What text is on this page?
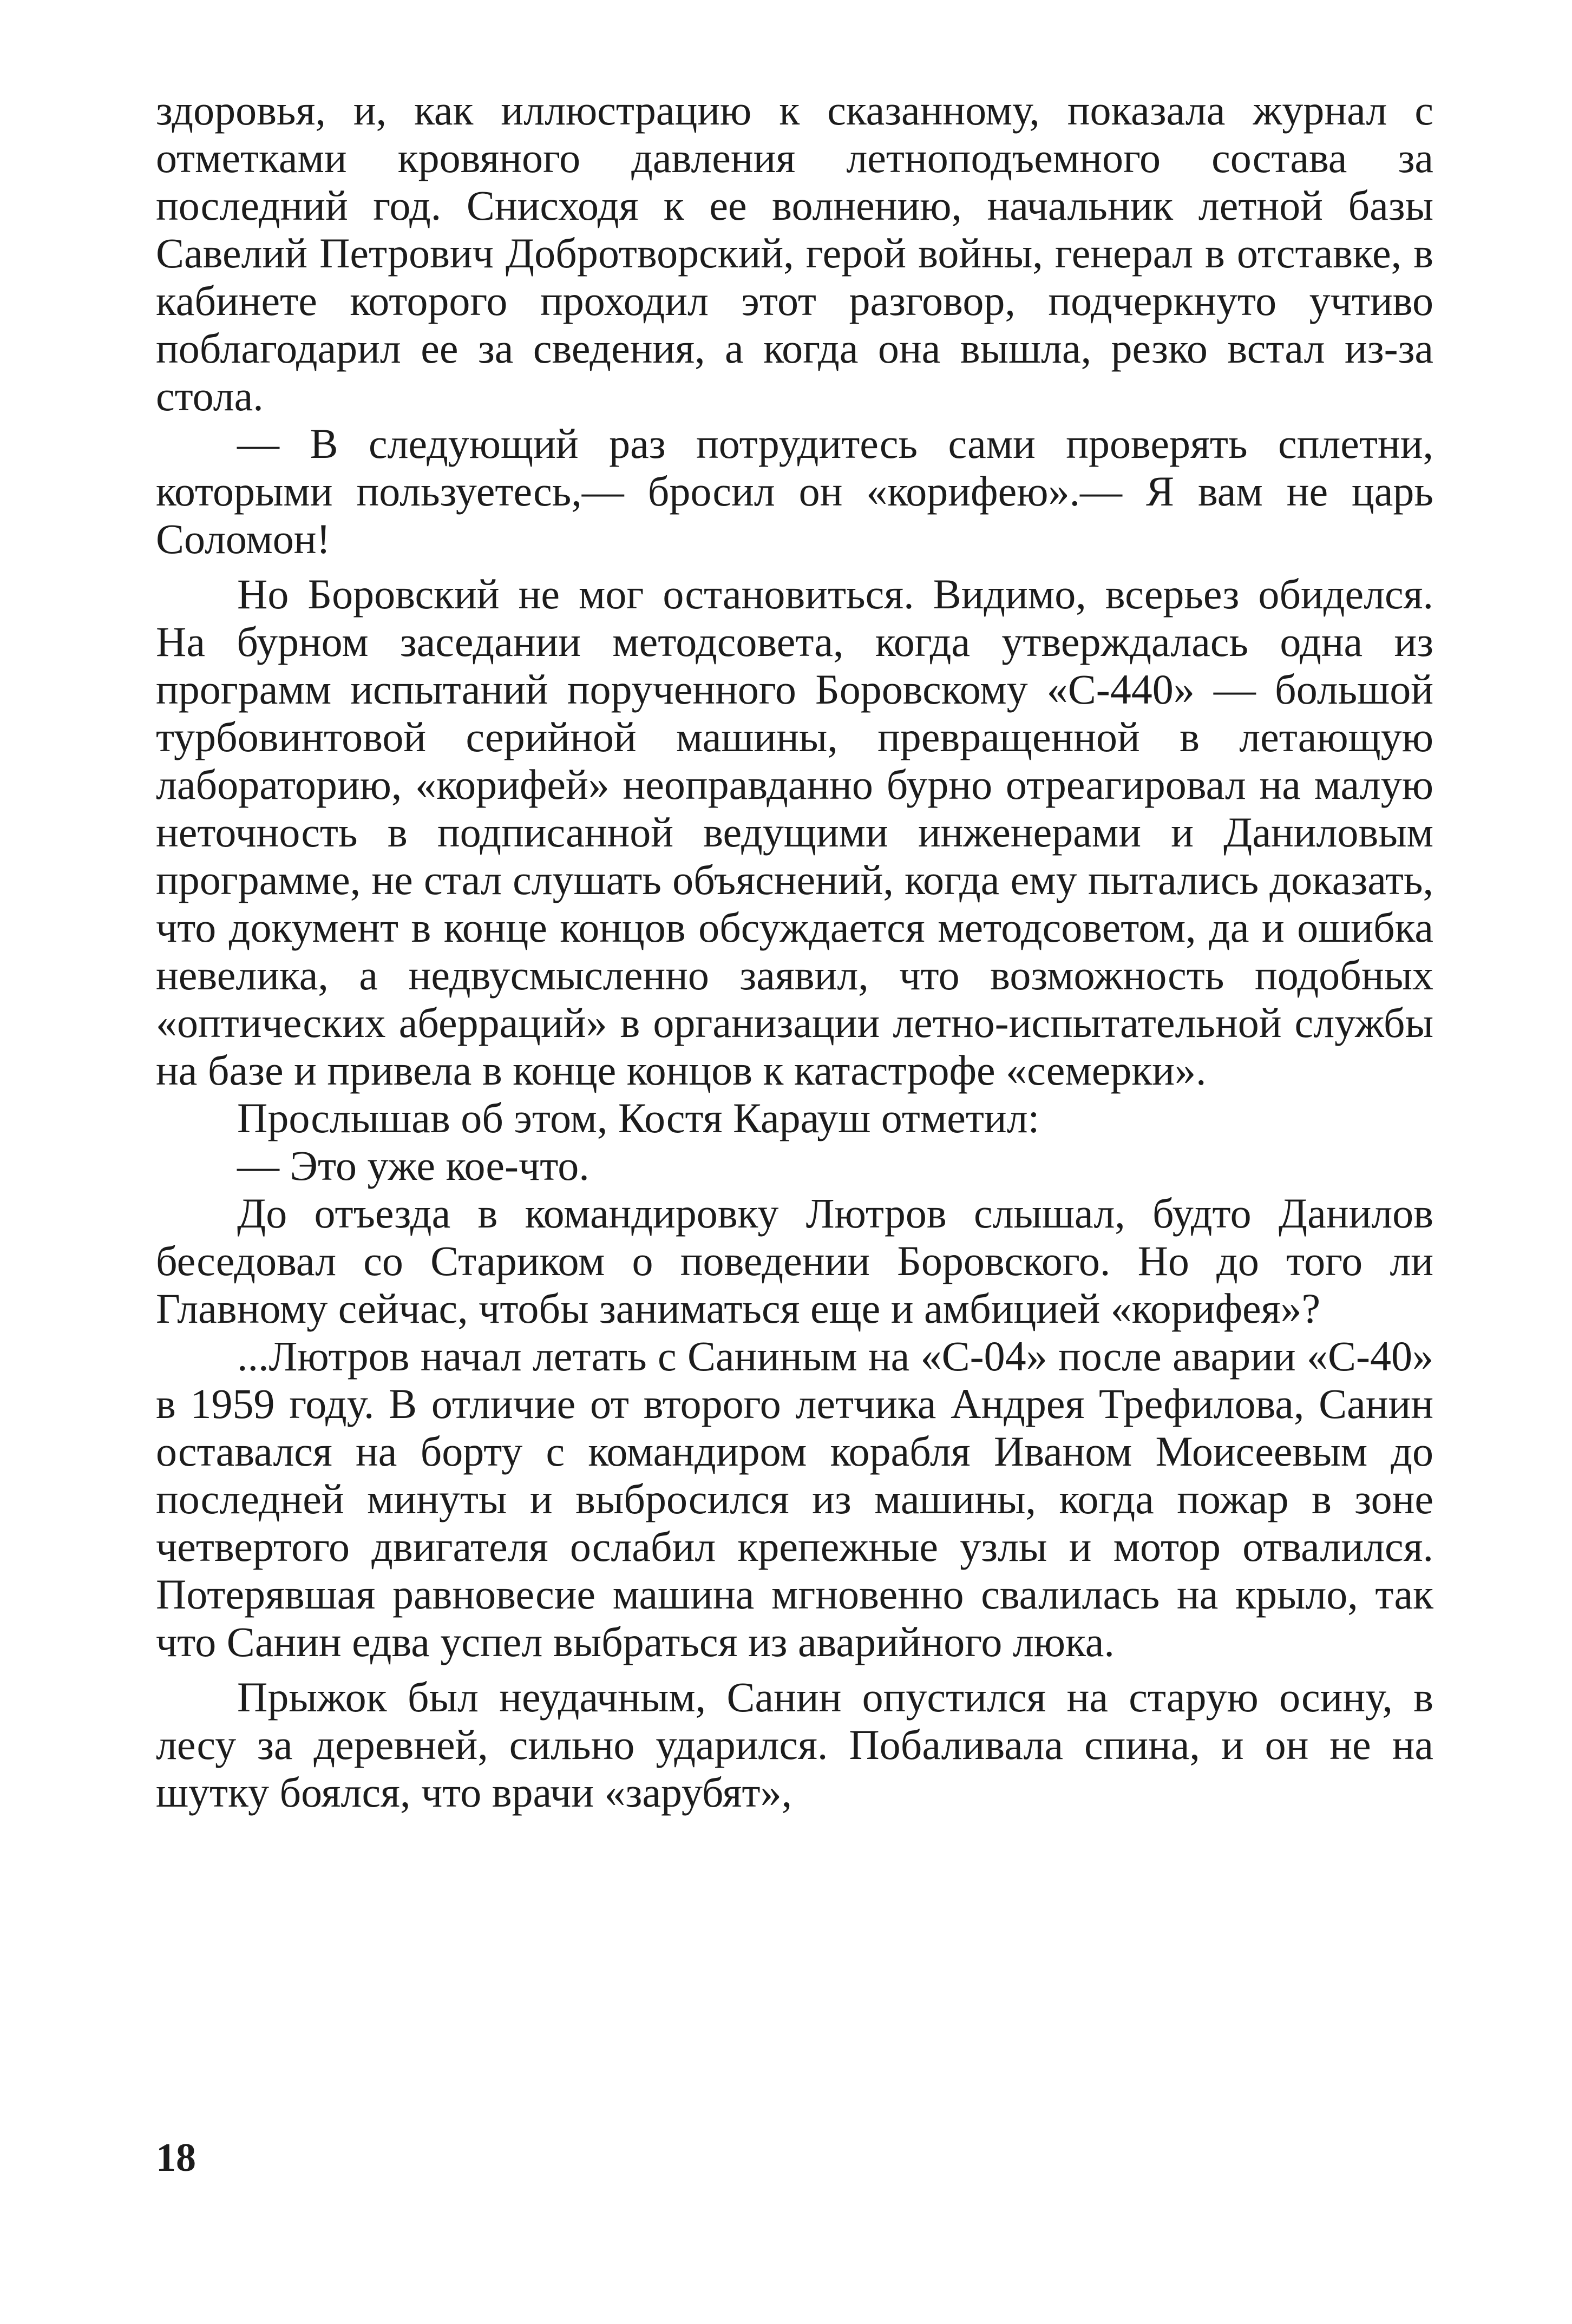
здоровья, и, как иллюстрацию к сказанному, показала журнал с отметками кровяного давления летноподъемного состава за последний год. Снисходя к ее волнению, начальник летной базы Савелий Петрович Добротворский, герой войны, генерал в отставке, в кабинете которого проходил этот разговор, подчеркнуто учтиво поблагодарил ее за сведения, а когда она вышла, резко встал из-за стола.

— В следующий раз потрудитесь сами проверять сплетни, которыми пользуетесь,— бросил он «корифею».— Я вам не царь Соломон!

Но Боровский не мог остановиться. Видимо, всерьез обиделся. На бурном заседании методсовета, когда утверждалась одна из программ испытаний порученного Боровскому «С-440» — большой турбовинтовой серийной машины, превращенной в летающую лабораторию, «корифей» неоправданно бурно отреагировал на малую неточность в подписанной ведущими инженерами и Даниловым программе, не стал слушать объяснений, когда ему пытались доказать, что документ в конце концов обсуждается методсоветом, да и ошибка невелика, а недвусмысленно заявил, что возможность подобных «оптических аберраций» в организации летно-испытательной службы на базе и привела в конце концов к катастрофе «семерки».

Прослышав об этом, Костя Карауш отметил:

— Это уже кое-что.

До отъезда в командировку Лютров слышал, будто Данилов беседовал со Стариком о поведении Боровского. Но до того ли Главному сейчас, чтобы заниматься еще и амбицией «корифея»?

...Лютров начал летать с Саниным на «С-04» после аварии «С-40» в 1959 году. В отличие от второго летчика Андрея Трефилова, Санин оставался на борту с командиром корабля Иваном Моисеевым до последней минуты и выбросился из машины, когда пожар в зоне четвертого двигателя ослабил крепежные узлы и мотор отвалился. Потерявшая равновесие машина мгновенно свалилась на крыло, так что Санин едва успел выбраться из аварийного люка.

Прыжок был неудачным, Санин опустился на старую осину, в лесу за деревней, сильно ударился. Побаливала спина, и он не на шутку боялся, что врачи «зарубят»,

18
